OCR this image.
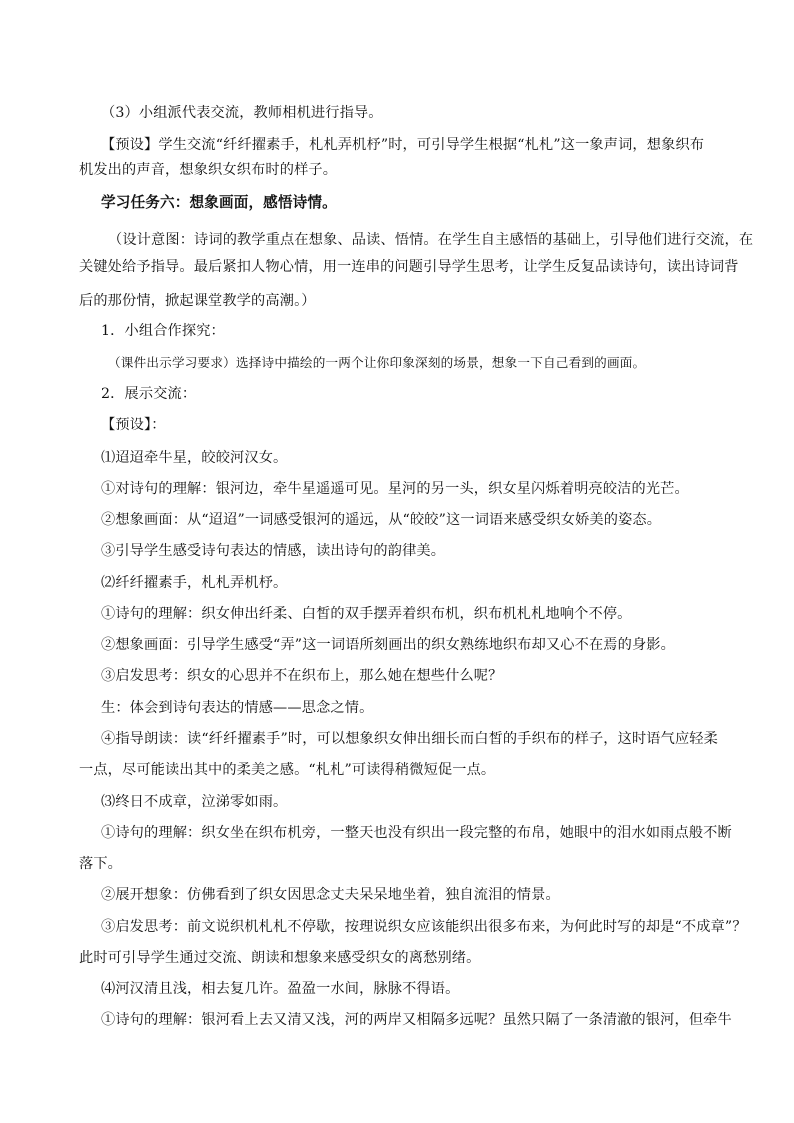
（3）小组派代表交流，教师相机进行指导。
【预设】学生交流“纤纤擢素手，札札弄机杼”时，可引导学生根据“札札”这一象声词，想象织布
机发出的声音，想象织女织布时的样子。
学习任务六：想象画面，感悟诗情。
（设计意图：诗词的教学重点在想象、品读、悟情。在学生自主感悟的基础上，引导他们进行交流，在
关键处给予指导。最后紧扣人物心情，用一连串的问题引导学生思考，让学生反复品读诗句，读出诗词背
后的那份情，掀起课堂教学的高潮。）
1．小组合作探究：
（课件出示学习要求）选择诗中描绘的一两个让你印象深刻的场景，想象一下自己看到的画面。
2．展示交流：
【预设】：
⑴迢迢牵牛星，皎皎河汉女。
①对诗句的理解：银河边，牵牛星遥遥可见。星河的另一头，织女星闪烁着明亮皎洁的光芒。
②想象画面：从“迢迢”一词感受银河的遥远，从“皎皎”这一词语来感受织女娇美的姿态。
③引导学生感受诗句表达的情感，读出诗句的韵律美。
⑵纤纤擢素手，札札弄机杼。
①诗句的理解：织女伸出纤柔、白皙的双手摆弄着织布机，织布机札札地响个不停。
②想象画面：引导学生感受“弄”这一词语所刻画出的织女熟练地织布却又心不在焉的身影。
③启发思考：织女的心思并不在织布上，那么她在想些什么呢？
生：体会到诗句表达的情感——思念之情。
④指导朗读：读“纤纤擢素手”时，可以想象织女伸出细长而白皙的手织布的样子，这时语气应轻柔
一点，尽可能读出其中的柔美之感。“札札”可读得稍微短促一点。
⑶终日不成章，泣涕零如雨。
①诗句的理解：织女坐在织布机旁，一整天也没有织出一段完整的布帛，她眼中的泪水如雨点般不断
落下。
②展开想象：仿佛看到了织女因思念丈夫呆呆地坐着，独自流泪的情景。
③启发思考：前文说织机札札不停歇，按理说织女应该能织出很多布来，为何此时写的却是“不成章”？
此时可引导学生通过交流、朗读和想象来感受织女的离愁别绪。
⑷河汉清且浅，相去复几许。盈盈一水间，脉脉不得语。
①诗句的理解：银河看上去又清又浅，河的两岸又相隔多远呢？虽然只隔了一条清澈的银河，但牵牛
